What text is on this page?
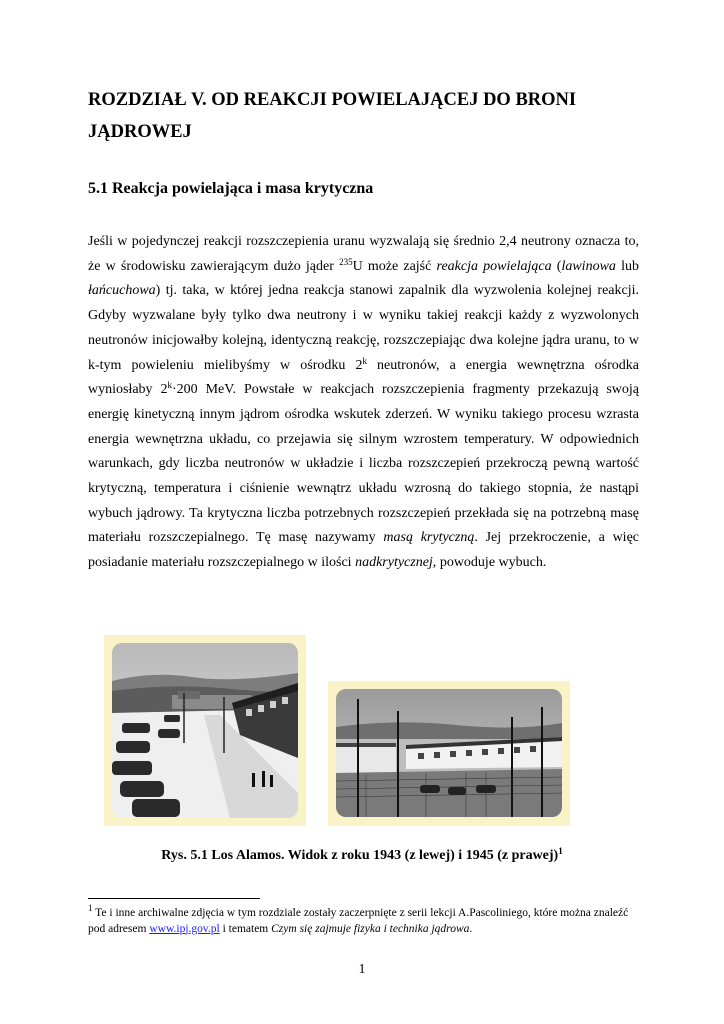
ROZDZIAŁ V. OD REAKCJI POWIELAJĄCEJ DO BRONI
JĄDROWEJ
5.1 Reakcja powielająca i masa krytyczna

Jeśli w pojedynczej reakcji rozszczepienia uranu wyzwalają się średnio 2,4 neutrony oznacza to, że w środowisku zawierającym dużo jąder $^{235}$U może zajść reakcja powielająca (lawinowa lub łańcuchowa) tj. taka, w której jedna reakcja stanowi zapalnik dla wyzwolenia kolejnej reakcji. Gdyby wyzwalane były tylko dwa neutrony i w wyniku takiej reakcji każdy z wyzwolonych neutronów inicjowałby kolejną, identyczną reakcję, rozszczepiając dwa kolejne jądra uranu, to w k-tym powieleniu mielibyśmy w ośrodku 2$^k$ neutronów, a energia wewnętrzna ośrodka wyniosłaby $2^k\cdot 200$ MeV. Powstałe w reakcjach rozszczepienia fragmenty przekazują swoją energię kinetyczną innym jądrom ośrodka wskutek zderzeń. W wyniku takiego procesu wzrasta energia wewnętrzna układu, co przejawia się silnym wzrostem temperatury. W odpowiednich warunkach, gdy liczba neutronów w układzie i liczba rozszczepień przekroczą pewną wartość krytyczną, temperatura i ciśnienie wewnątrz układu wzrosną do takiego stopnia, że nastąpi wybuch jądrowy. Ta krytyczna liczba potrzebnych rozszczepień przekłada się na potrzebną masę materiału rozszczepialnego. Tę masę nazywamy masą krytyczną. Jej przekroczenie, a więc posiadanie materiału rozszczepialnego w ilości nadkrytycznej, powoduje wybuch.

Rys. 5.1 Los Alamos. Widok z roku 1943 (z lewej) i 1945 (z prawej)$^1$
$^1$ Te i inne archiwalne zdjęcia w tym rozdziale zostały zaczerpnięte z serii lekcji A.Pascoliniego, które można znaleźć pod adresem www.ipj.gov.pl i tematem Czym się zajmuje fizyka i technika jądrowa.
1
